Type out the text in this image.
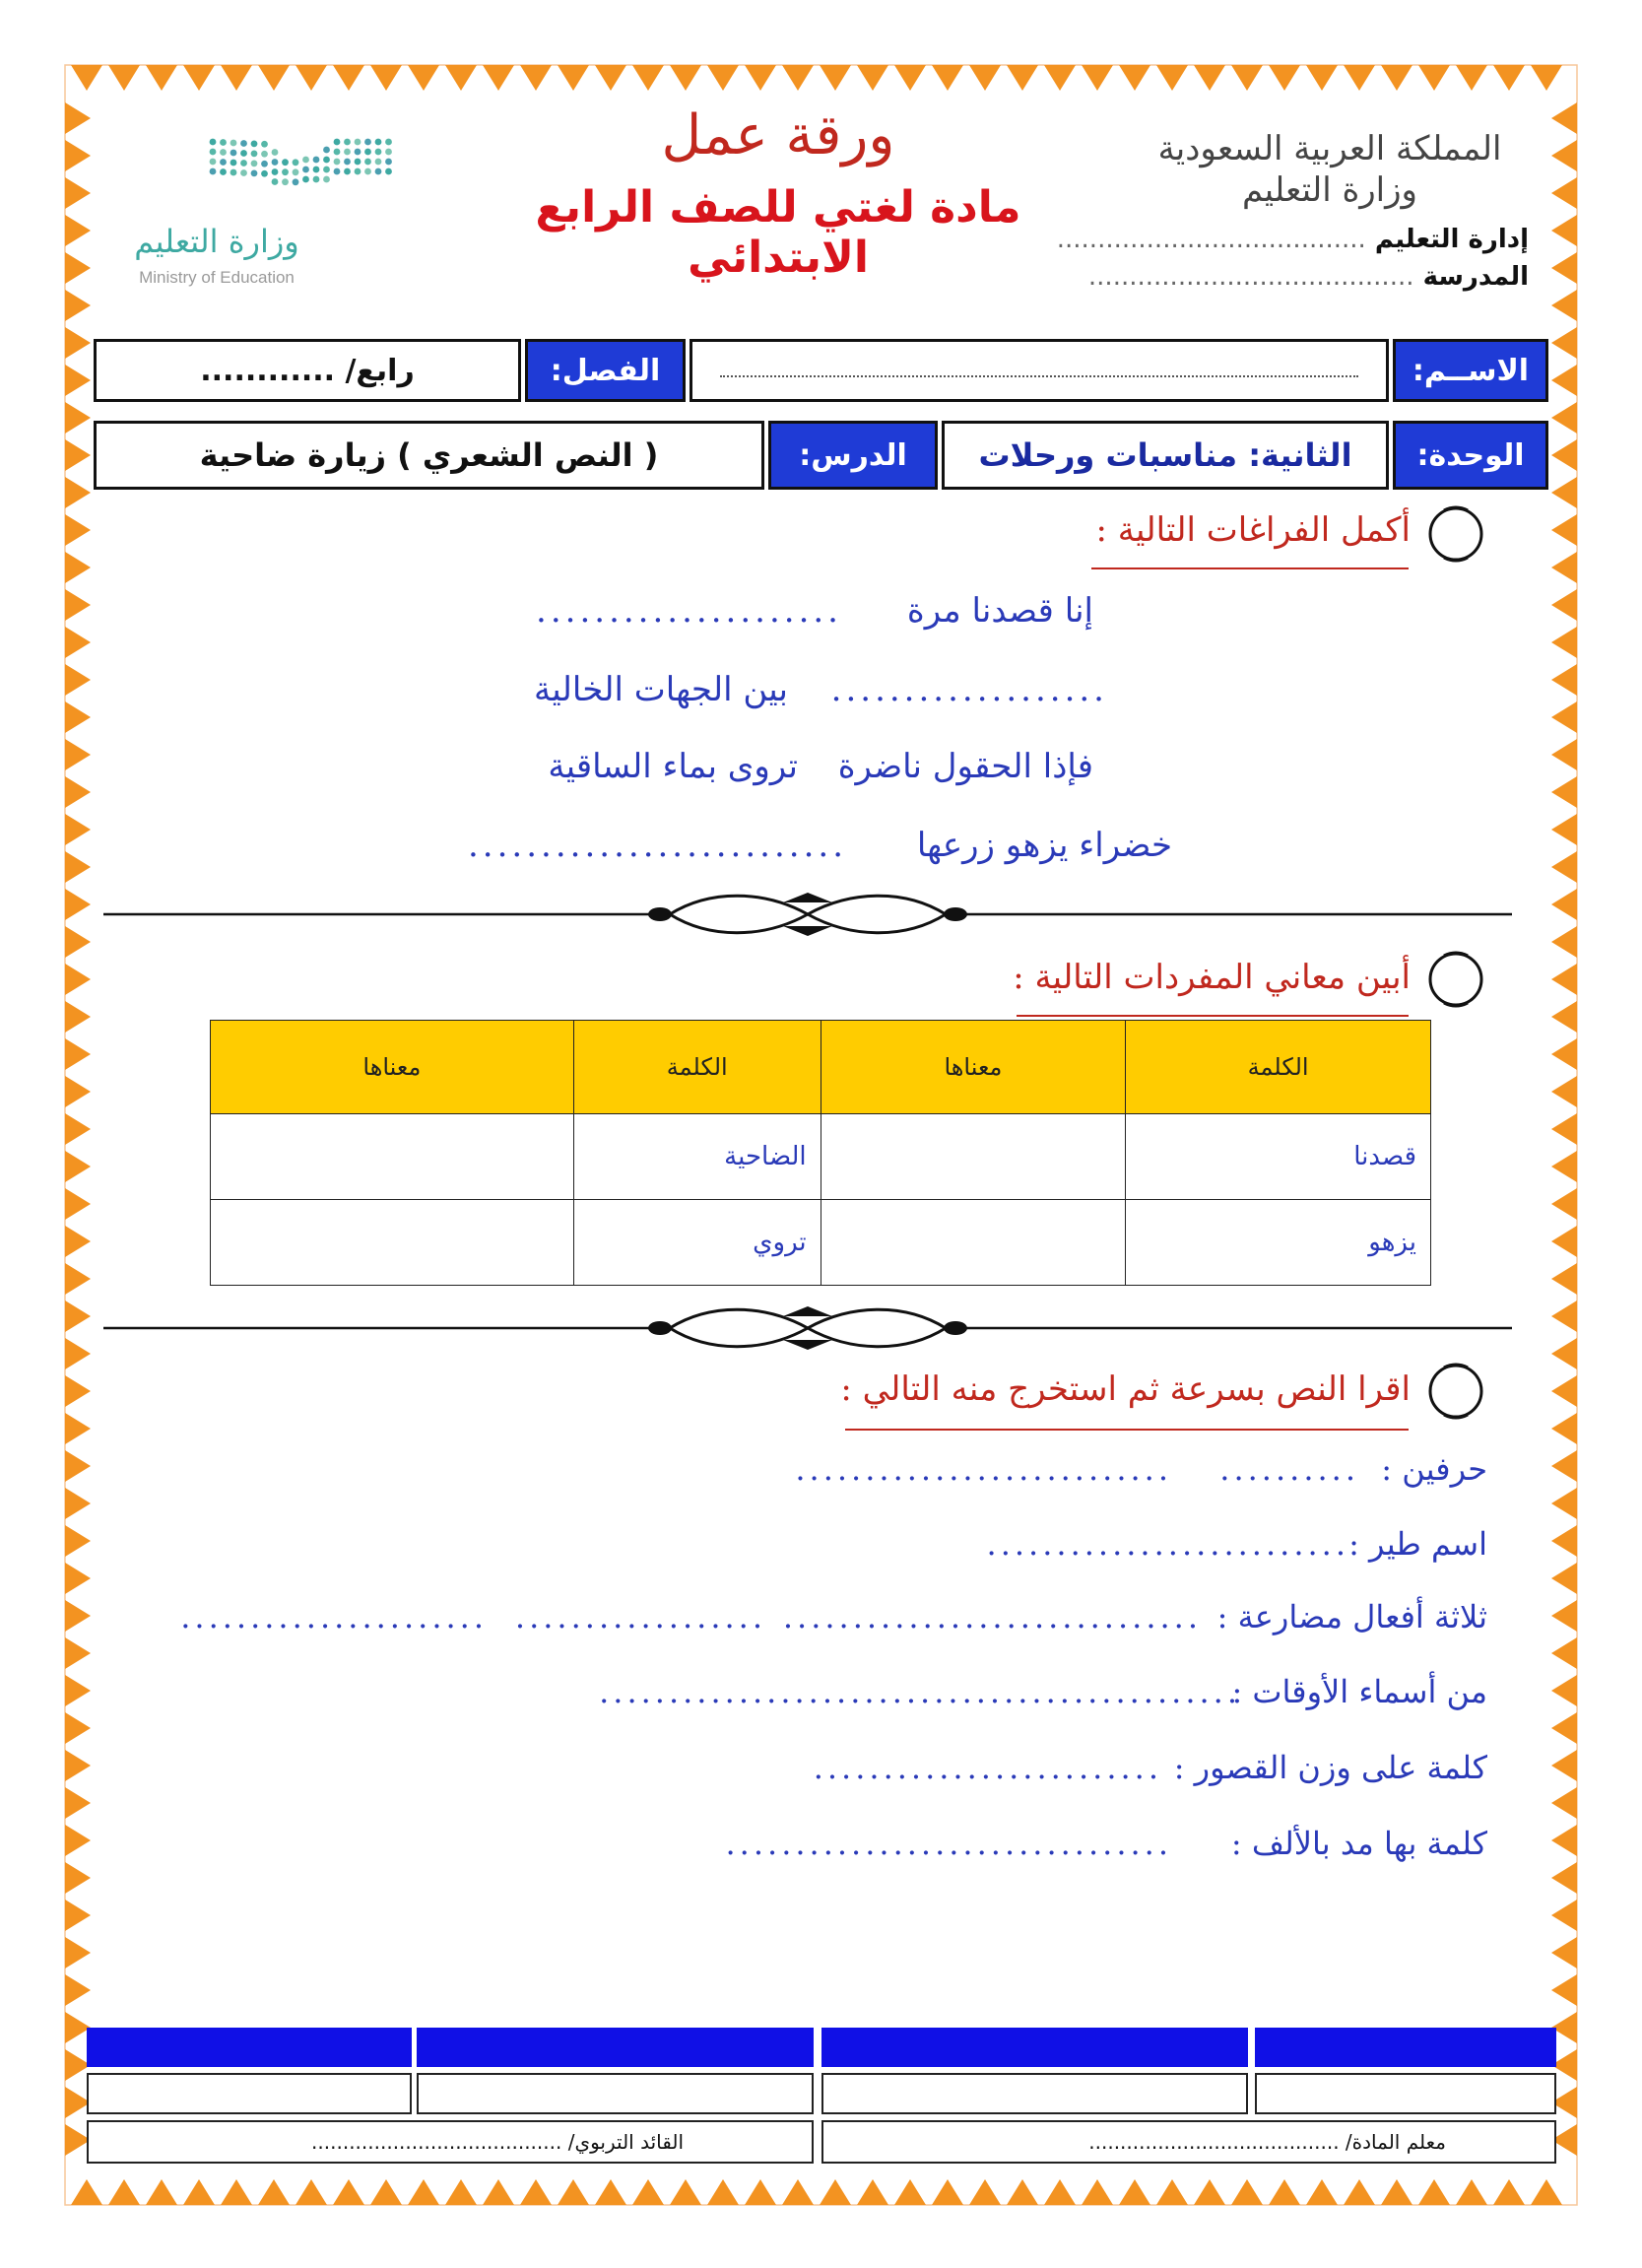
المملكة العربية السعودية
وزارة التعليم
إدارة التعليم ......................................
المدرسة ........................................
ورقة عمل
مادة لغتي للصف الرابع الابتدائي
وزارة التعليم
Ministry of Education
الاســم:
الفصل:
رابع/ ............
الوحدة:
الثانية: مناسبات ورحلات
الدرس:
( النص الشعري ) زيارة ضاحية
أكمل الفراغات التالية :
إنا قصدنا مرة
.....................
...................
بين الجهات الخالية
فإذا الحقول ناضرة
تروى بماء الساقية
خضراء يزهو زرعها
..........................
أبين معاني المفردات التالية :
الكلمة	معناها	الكلمة	معناها
قصدنا		الضاحية	
يزهو		تروي	
اقرا النص بسرعة ثم استخرج منه التالي :
حرفين :
..........
...........................
اسم طير :
..........................
ثلاثة أفعال مضارعة :
..............................
..................
......................
من أسماء الأوقات :
..............................................
كلمة على وزن القصور :
.........................
كلمة بها مد بالألف :
................................
القائد التربوي/ ........................................	معلم المادة/ ........................................
